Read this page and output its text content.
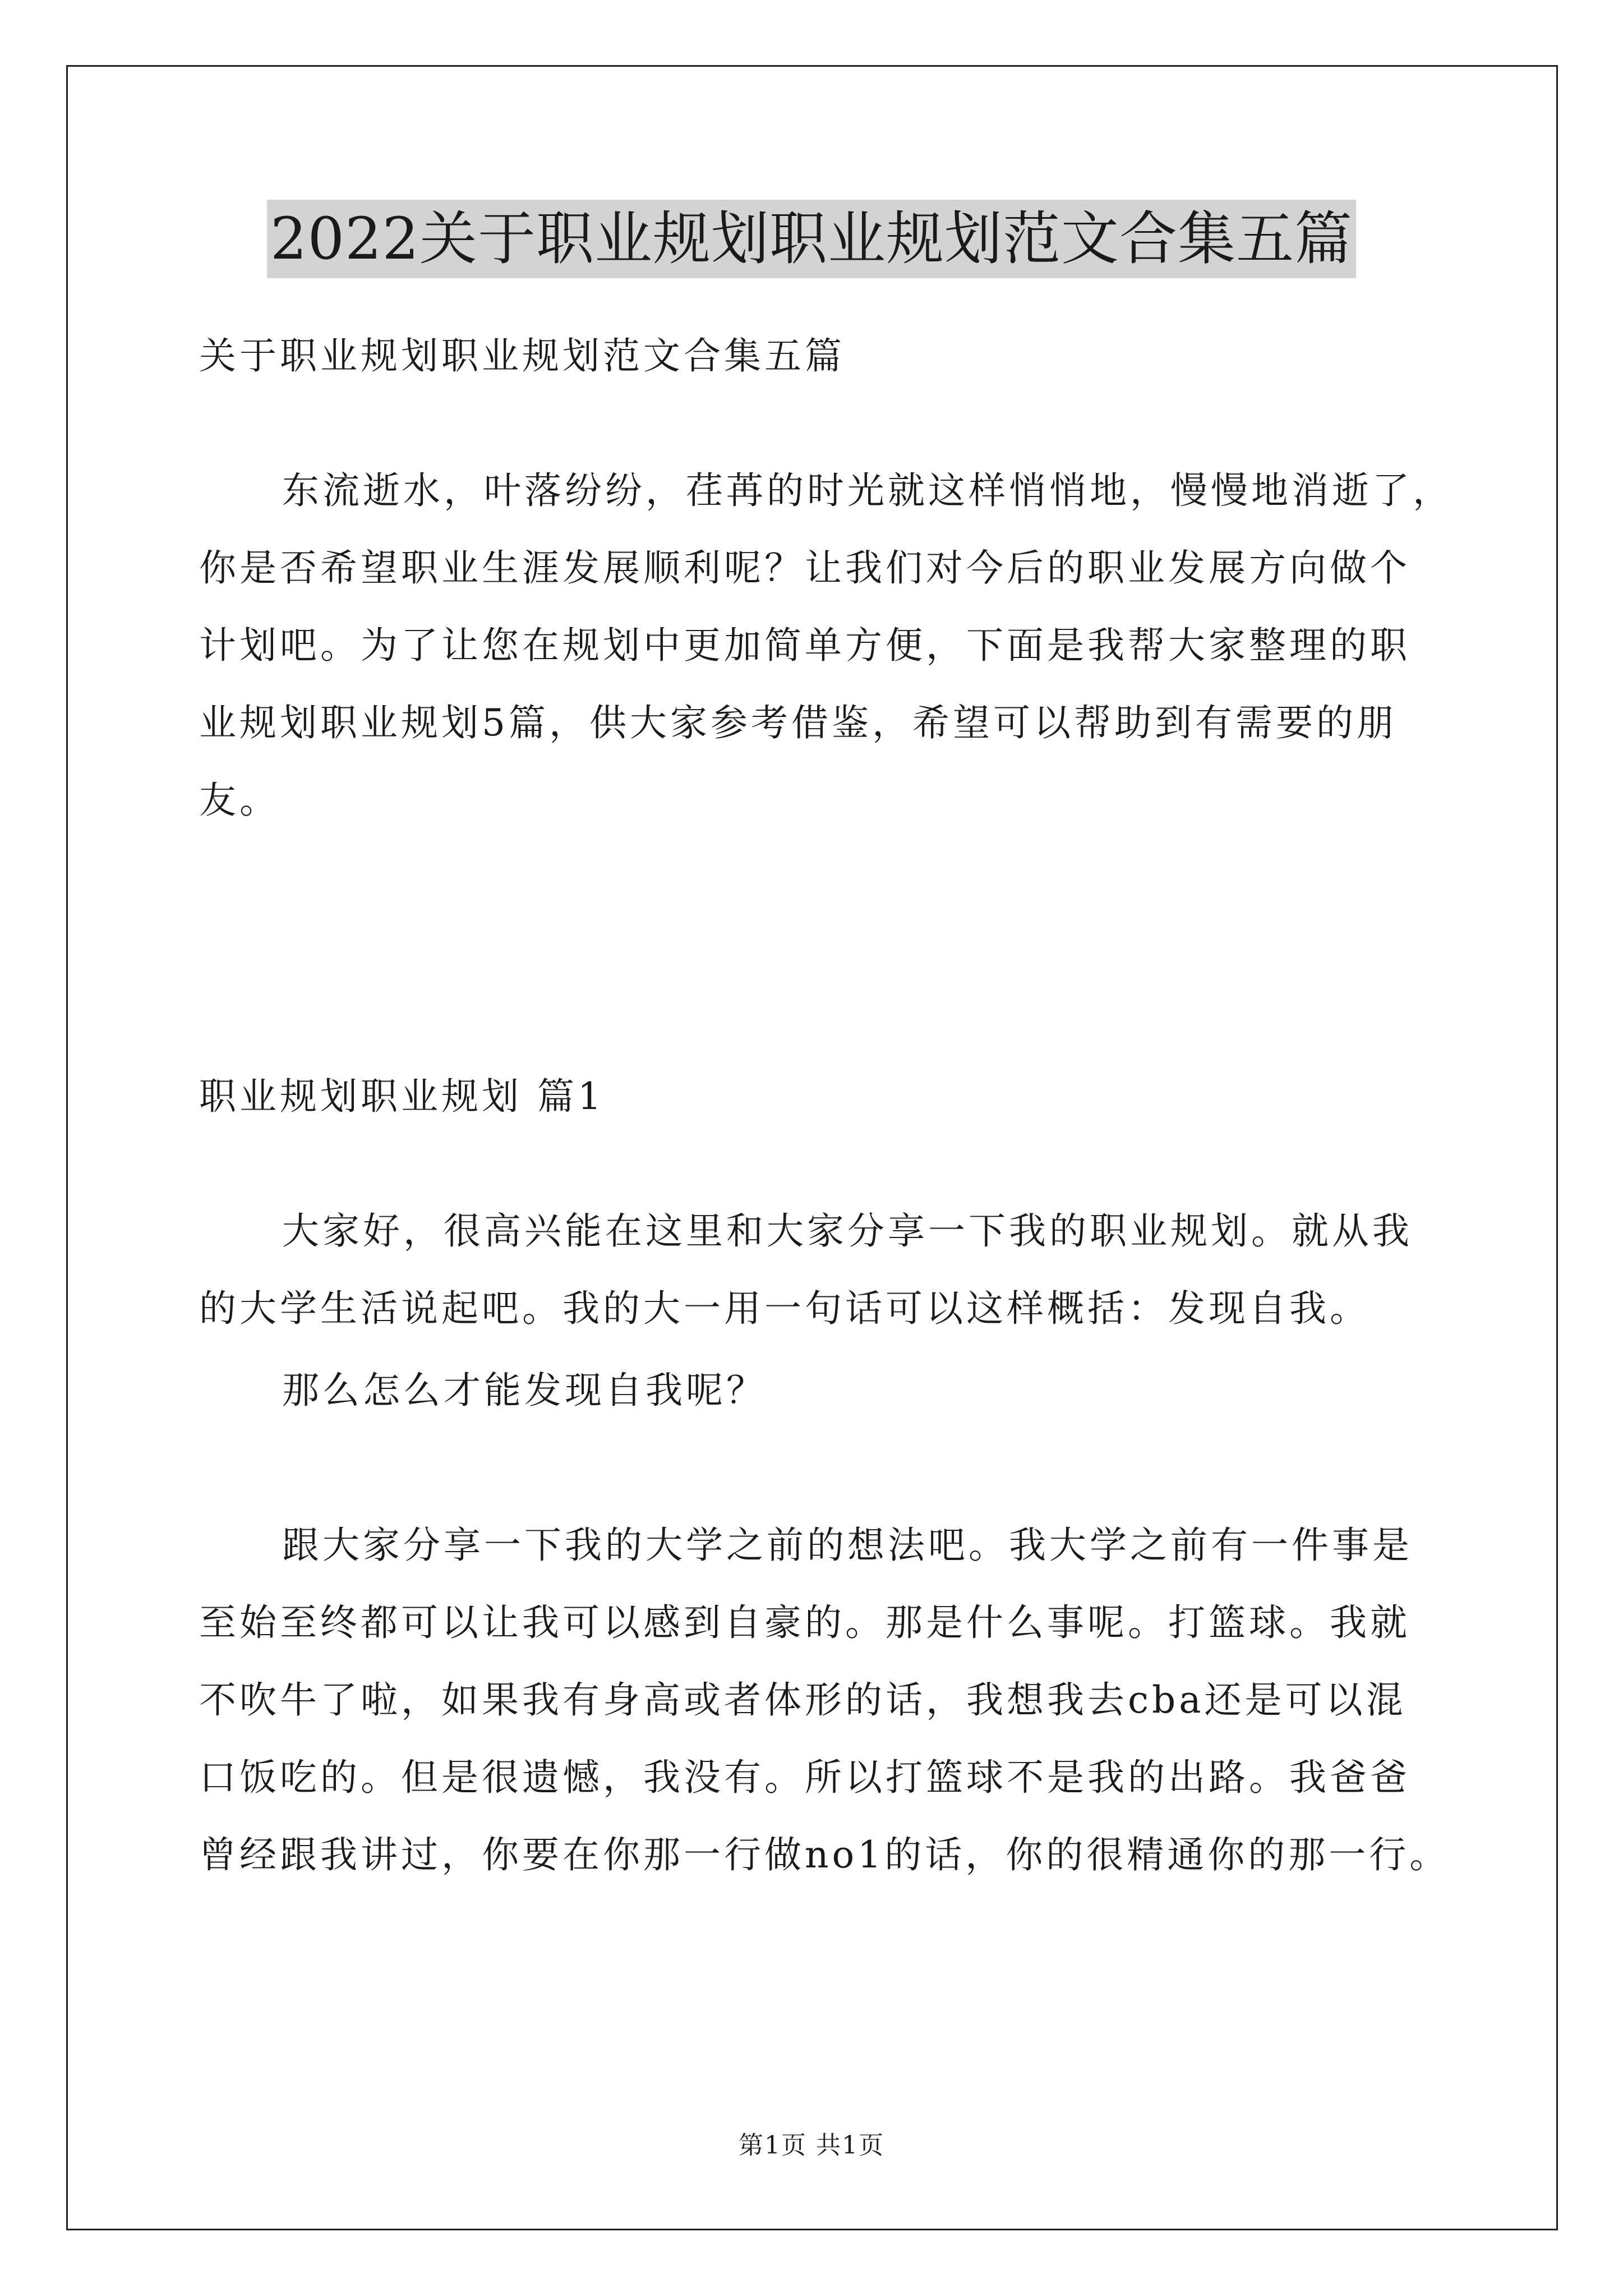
2022关于职业规划职业规划范文合集五篇
关于职业规划职业规划范文合集五篇
东流逝水，叶落纷纷，荏苒的时光就这样悄悄地，慢慢地消逝了，
你是否希望职业生涯发展顺利呢？让我们对今后的职业发展方向做个
计划吧。为了让您在规划中更加简单方便，下面是我帮大家整理的职
业规划职业规划5篇，供大家参考借鉴，希望可以帮助到有需要的朋
友。
职业规划职业规划 篇1
大家好，很高兴能在这里和大家分享一下我的职业规划。就从我
的大学生活说起吧。我的大一用一句话可以这样概括：发现自我。
那么怎么才能发现自我呢？
跟大家分享一下我的大学之前的想法吧。我大学之前有一件事是
至始至终都可以让我可以感到自豪的。那是什么事呢。打篮球。我就
不吹牛了啦，如果我有身高或者体形的话，我想我去cba还是可以混
口饭吃的。但是很遗憾，我没有。所以打篮球不是我的出路。我爸爸
曾经跟我讲过，你要在你那一行做no1的话，你的很精通你的那一行。
第1页 共1页
